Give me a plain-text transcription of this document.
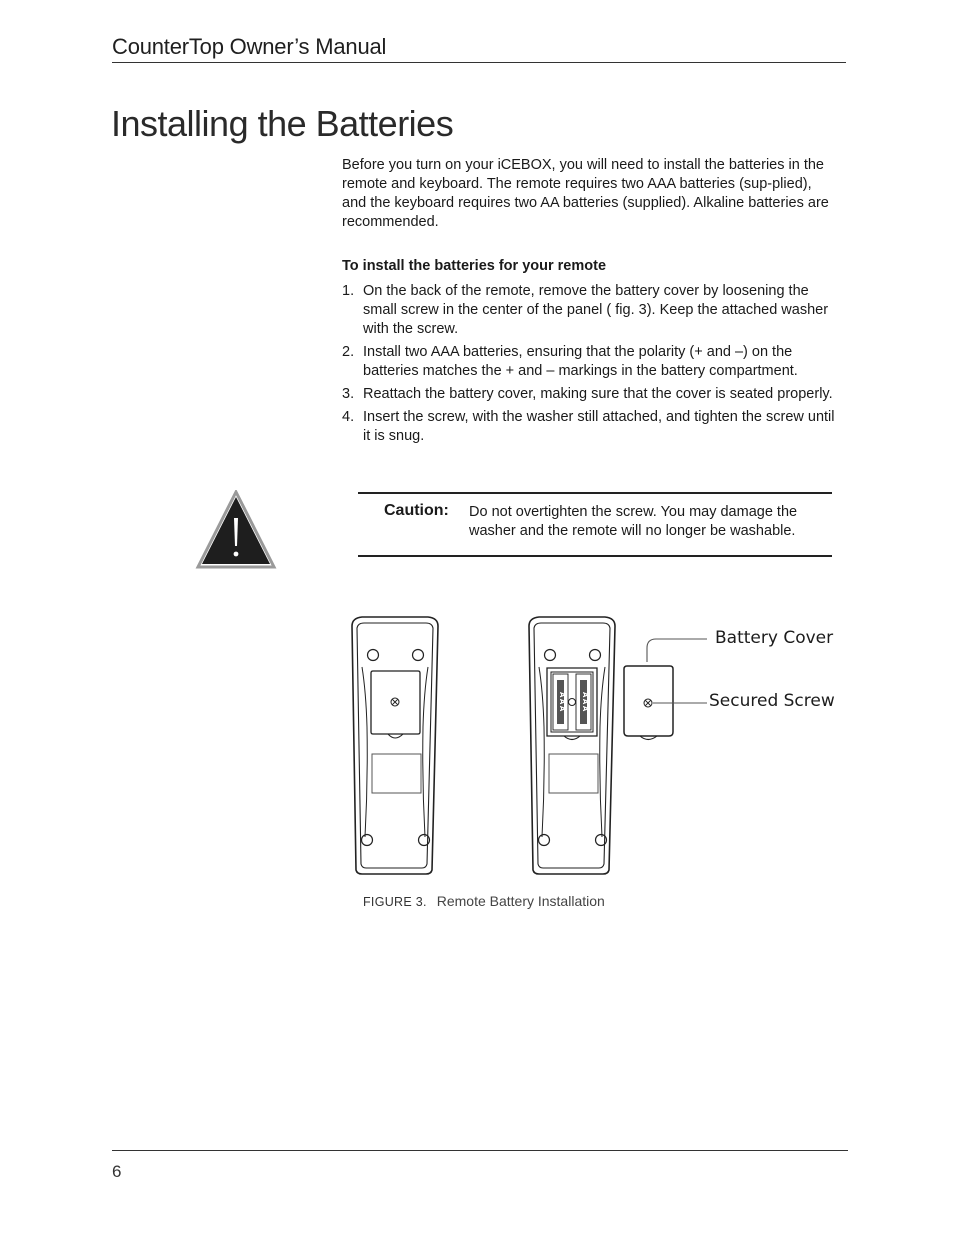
CounterTop Owner’s Manual
Installing the Batteries

Before you turn on your iCEBOX, you will need to install the batteries in the remote and keyboard. The remote requires two AAA batteries (sup-plied), and the keyboard requires two AA batteries (supplied). Alkaline batteries are recommended.

To install the batteries for your remote
1. On the back of the remote, remove the battery cover by loosening the small screw in the center of the panel ( fig. 3). Keep the attached washer with the screw.
2. Install two AAA batteries, ensuring that the polarity (+ and –) on the batteries matches the + and – markings in the battery compartment.
3. Reattach the battery cover, making sure that the cover is seated properly.
4. Insert the screw, with the washer still attached, and tighten the screw until it is snug.
Caution: Do not overtighten the screw. You may damage the washer and the remote will no longer be washable.
AAA AAA
Battery Cover
Secured Screw
FIGURE 3. Remote Battery Installation
6
